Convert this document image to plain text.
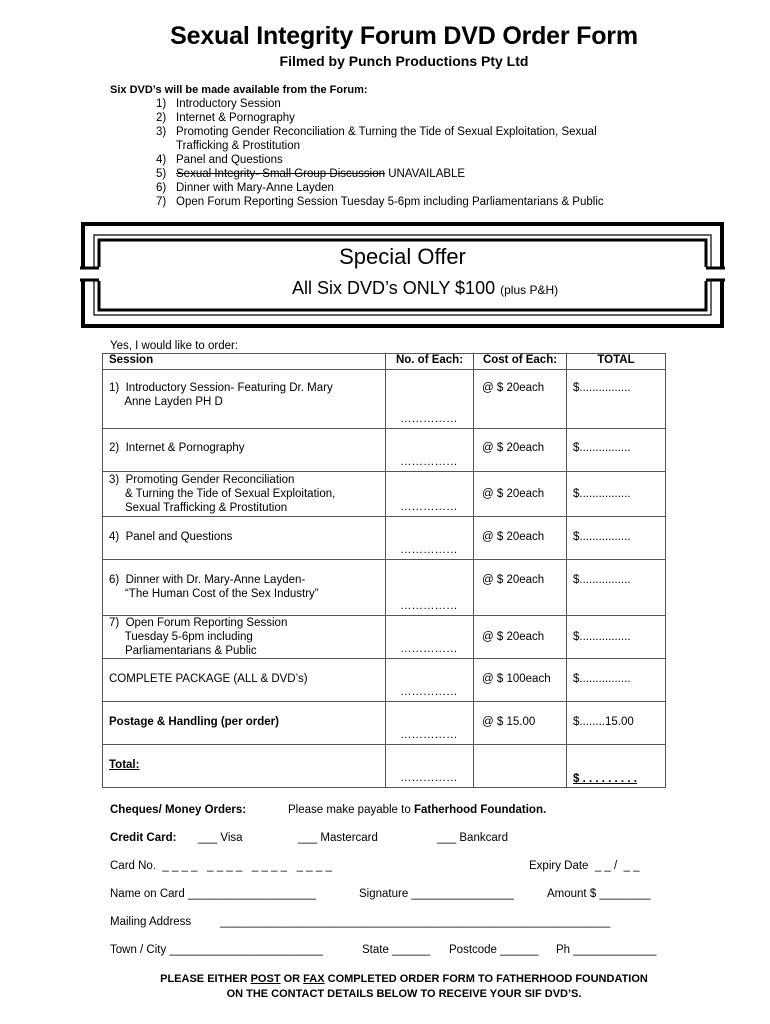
Sexual Integrity Forum DVD Order Form
Filmed by Punch Productions Pty Ltd
Six DVD’s will be made available from the Forum:
1) Introductory Session
2) Internet & Pornography
3) Promoting Gender Reconciliation & Turning the Tide of Sexual Exploitation, Sexual
Trafficking & Prostitution
4) Panel and Questions
5) Sexual Integrity- Small Group Discussion UNAVAILABLE
6) Dinner with Mary-Anne Layden
7) Open Forum Reporting Session Tuesday 5-6pm including Parliamentarians & Public
Special Offer
All Six DVD’s ONLY $100 (plus P&H)
Yes, I would like to order:
Session	No. of Each:	Cost of Each:	TOTAL

1)  Introductory Session- Featuring Dr. Mary
Anne Layden PH D	……………	@ $ 20each	$................

2)  Internet & Pornography	……………	@ $ 20each	$................

3)  Promoting Gender Reconciliation
& Turning the Tide of Sexual Exploitation,
Sexual Trafficking & Prostitution	……………	@ $ 20each	$................

4)  Panel and Questions	……………	@ $ 20each	$................

6)  Dinner with Dr. Mary-Anne Layden-
“The Human Cost of the Sex Industry”	……………	@ $ 20each	$................

7)  Open Forum Reporting Session
Tuesday 5-6pm including
Parliamentarians & Public	……………	@ $ 20each	$................

COMPLETE PACKAGE (ALL & DVD’s)	……………	@ $ 100each	$................

Postage & Handling (per order)	……………	@ $ 15.00	$........15.00

Total:	……………		$ . . . . . . . . .
Cheques/ Money Orders:	Please make payable to Fatherhood Foundation.
Credit Card: ___ Visa	___ Mastercard	___ Bankcard
Card No.  _ _ _ _   _ _ _ _   _ _ _ _   _ _ _ _	Expiry Date  _ _ /  _ _
Name on Card ____________________	Signature ________________	Amount $ ________
Mailing Address	_____________________________________________________________
Town / City ________________________	State ______ Postcode ______ Ph _____________
PLEASE EITHER POST OR FAX COMPLETED ORDER FORM TO FATHERHOOD FOUNDATION
ON THE CONTACT DETAILS BELOW TO RECEIVE YOUR SIF DVD’S.
